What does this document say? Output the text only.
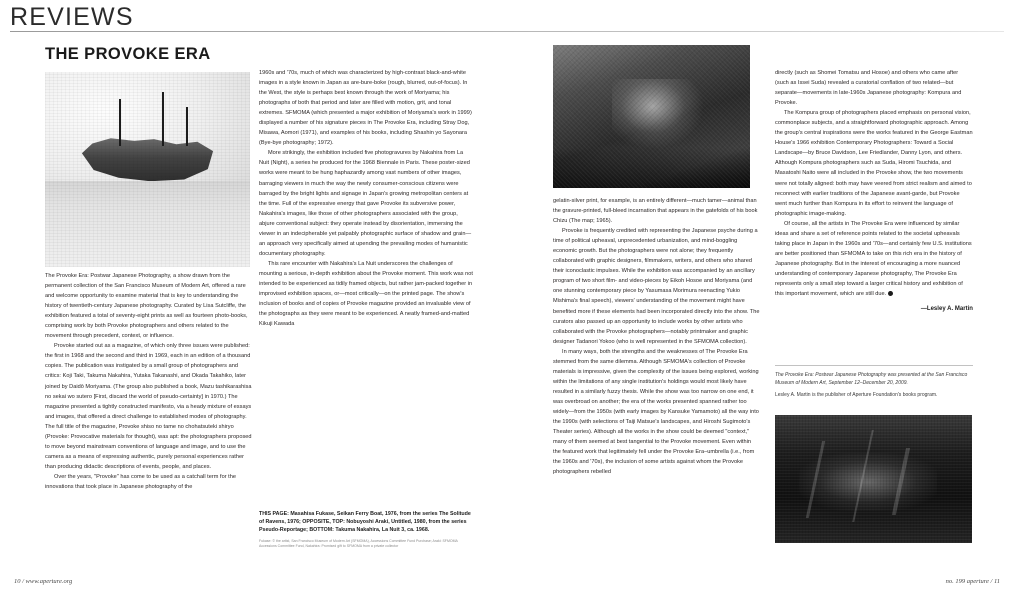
REVIEWS
THE PROVOKE ERA

The Provoke Era: Postwar Japanese Photography, a show drawn from the permanent collection of the San Francisco Museum of Modern Art, offered a rare and welcome opportunity to examine material that is key to understanding the history of twentieth-century Japanese photography. Curated by Lisa Sutcliffe, the exhibition featured a total of seventy-eight prints as well as fourteen photo-books, comprising work by both Provoke photographers and others related to the movement through precedent, context, or influence.

Provoke started out as a magazine, of which only three issues were published: the first in 1968 and the second and third in 1969, each in an edition of a thousand copies. The publication was instigated by a small group of photographers and critics: Koji Taki, Takuma Nakahira, Yutaka Takanashi, and Okada Takahiko, later joined by Daidō Moriyama. (The group also published a book, Mazu tashikarashisa no sekai wo sutero [First, discard the world of pseudo-certainty] in 1970.) The magazine presented a tightly constructed manifesto, via a heady mixture of essays and images, that offered a direct challenge to established modes of photography. The full title of the magazine, Provoke shiso no tame no chohatsuteki shiryo (Provoke: Provocative materials for thought), was apt: the photographers proposed to move beyond mainstream conventions of language and image, and to use the camera as a means of expressing authentic, purely personal experiences rather than producing didactic descriptions of events, people, and places.

Over the years, "Provoke" has come to be used as a catchall term for the innovations that took place in Japanese photography of the

1960s and '70s, much of which was characterized by high-contrast black-and-white images in a style known in Japan as are-bure-boke (rough, blurred, out-of-focus). In the West, the style is perhaps best known through the work of Moriyama; his photographs of both that period and later are filled with motion, grit, and tonal extremes. SFMOMA (which presented a major exhibition of Moriyama's work in 1999) displayed a number of his signature pieces in The Provoke Era, including Stray Dog, Misawa, Aomori (1971), and examples of his books, including Shashin yo Sayonara (Bye-bye photography; 1972).

More strikingly, the exhibition included five photogravures by Nakahira from La Nuit (Night), a series he produced for the 1968 Biennale in Paris. These poster-sized works were meant to be hung haphazardly among vast numbers of other images, barraging viewers in much the way the newly consumer-conscious citizens were barraged by the bright lights and signage in Japan's growing metropolitan centers at the time. Full of the expressive energy that gave Provoke its subversive power, Nakahira's images, like those of other photographers associated with the group, abjure conventional subject: they operate instead by disorientation, immersing the viewer in an indecipherable yet palpably photographic surface of shadow and grain—an approach very specifically aimed at upending the prevailing modes of humanistic documentary photography.

This rare encounter with Nakahira's La Nuit underscores the challenges of mounting a serious, in-depth exhibition about the Provoke moment. This work was not intended to be experienced as tidily framed objects, but rather jam-packed together in improvised exhibition spaces, or—most critically—on the printed page. The show's inclusion of books and of copies of Provoke magazine provided an invaluable view of the photographs as they were meant to be experienced. A neatly framed-and-matted Kikuji Kawada

gelatin-silver print, for example, is an entirely different—much tamer—animal than the gravure-printed, full-bleed incarnation that appears in the gatefolds of his book Chizu (The map; 1965).

Provoke is frequently credited with representing the Japanese psyche during a time of political upheaval, unprecedented urbanization, and mind-boggling economic growth. But the photographers were not alone; they frequently collaborated with graphic designers, filmmakers, writers, and others who shared their iconoclastic impulses. While the exhibition was accompanied by an ancillary program of two short film- and video-pieces by Eikoh Hosoe and Moriyama (and one stunning contemporary piece by Yasumasa Morimura reenacting Yukio Mishima's final speech), viewers' understanding of the movement might have benefited more if these elements had been incorporated directly into the show. The curators also passed up an opportunity to include works by other artists who collaborated with the Provoke photographers—notably printmaker and graphic designer Tadanori Yokoo (who is well represented in the SFMOMA collection).

In many ways, both the strengths and the weaknesses of The Provoke Era stemmed from the same dilemma. Although SFMOMA's collection of Provoke materials is impressive, given the complexity of the issues being explored, working within the limitations of any single institution's holdings would most likely have resulted in a similarly fuzzy thesis. While the show was too narrow on one end, it was overbroad on another; the era of the works presented spanned rather too widely—from the 1950s (with early images by Kansuke Yamamoto) all the way into the 1990s (with selections of Taiji Matsue's landscapes, and Hiroshi Sugimoto's Theater series). Although all the works in the show could be deemed "context," many of them seemed at best tangential to the Provoke movement. Even within the featured work that legitimately fell under the Provoke Era–umbrella (i.e., from the 1960s and '70s), the inclusion of some artists against whom the Provoke photographers rebelled

directly (such as Shomei Tomatsu and Hosoe) and others who came after (such as Issei Suda) revealed a curatorial conflation of two related—but separate—movements in late-1960s Japanese photography: Kompura and Provoke.

The Kompura group of photographers placed emphasis on personal vision, commonplace subjects, and a straightforward photographic approach. Among the group's central inspirations were the works featured in the George Eastman House's 1966 exhibition Contemporary Photographers: Toward a Social Landscape—by Bruce Davidson, Lee Friedlander, Danny Lyon, and others. Although Kompura photographers such as Suda, Hiromi Tsuchida, and Masatoshi Naito were all included in the Provoke show, the two movements were not totally aligned: both may have veered from strict realism and aimed to reconnect with earlier traditions of the Japanese avant-garde, but Provoke went much further than Kompura in its effort to reinvent the language of photographic image-making.

Of course, all the artists in The Provoke Era were influenced by similar ideas and share a set of reference points related to the societal upheavals taking place in Japan in the 1960s and '70s—and certainly few U.S. institutions are better positioned than SFMOMA to take on this rich era in the history of Japanese photography. But in the interest of encouraging a more nuanced understanding of contemporary Japanese photography, The Provoke Era represents only a small step toward a larger critical history and exhibition of this important movement, which are still due.

—Lesley A. Martin
The Provoke Era: Postwar Japanese Photography was presented at the San Francisco Museum of Modern Art, September 12–December 20, 2009.
Lesley A. Martin is the publisher of Aperture Foundation's books program.
THIS PAGE: Masahisa Fukase, Seikan Ferry Boat, 1976, from the series The Solitude of Ravens, 1976; OPPOSITE, TOP: Nobuyoshi Araki, Untitled, 1980, from the series Pseudo-Reportage; BOTTOM: Takuma Nakahira, La Nuit 3, ca. 1968.
Fukase: © the artist, San Francisco Museum of Modern Art (SFMOMA), Accessions Committee Fund Purchase; Araki: SFMOMA Accessions Committee Fund, Nakahira: Promised gift to SFMOMA from a private collector
10 / www.aperture.org	no. 199 aperture / 11
